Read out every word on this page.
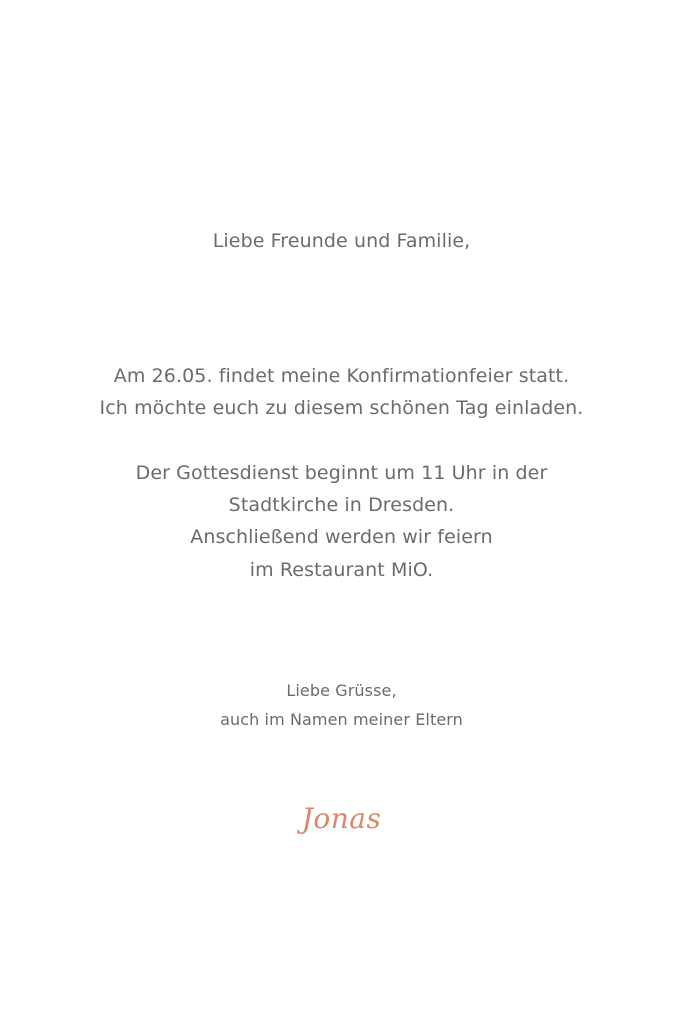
Liebe Freunde und Familie,
Am 26.05. findet meine Konfirmationfeier statt.
Ich möchte euch zu diesem schönen Tag einladen.
Der Gottesdienst beginnt um 11 Uhr in der
Stadtkirche in Dresden.
Anschließend werden wir feiern
im Restaurant MiO.
Liebe Grüsse,
auch im Namen meiner Eltern
Jonas
